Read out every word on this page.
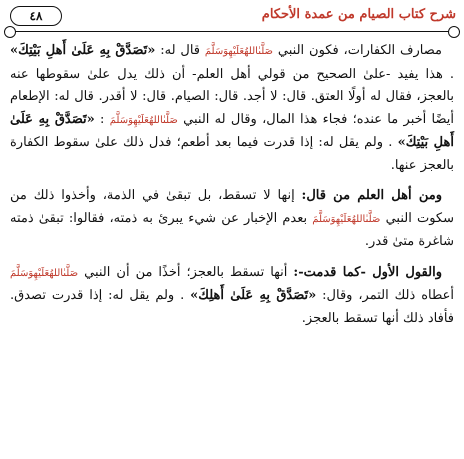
٤٨	شرح كتاب الصيام من عمدة الأحكام

مصارف الكفارات، فكون النبي صَلَّىٰاللهُعَلَيْهِوَسَلَّمَ قال له: «تَصَدَّقْ بِهِ عَلَىٰ أَهلِ بَيْتِكَ» . هذا يفيد -علىٰ الصحيح من قولي أهل العلم- أن ذلك يدل علىٰ سقوطها عنه بالعجز، فقال له أولًا العتق. قال: لا أجد. قال: الصيام. قال: لا أقدر. قال له: الإطعام أيضًا أخبر ما عنده؛ فجاء هذا المال، وقال له النبي صَلَّىٰاللهُعَلَيْهِوَسَلَّمَ : «تَصَدَّقْ بِهِ عَلَىٰ أَهلِ بَيْتِكَ» . ولم يقل له: إذا قدرت فيما بعد أطعم؛ فدل ذلك علىٰ سقوط الكفارة بالعجز عنها.

ومن أهل العلم من قال: إنها لا تسقط، بل تبقىٰ في الذمة، وأخذوا ذلك من سكوت النبي صَلَّىٰاللهُعَلَيْهِوَسَلَّمَ بعدم الإخبار عن شيء يبرئ به ذمته، فقالوا: تبقىٰ ذمته شاغرة متىٰ قدر.

والقول الأول -كما قدمت-: أنها تسقط بالعجز؛ أخذًا من أن النبي صَلَّىٰاللهُعَلَيْهِوَسَلَّمَ أعطاه ذلك التمر، وقال: «تَصَدَّقْ بِهِ عَلَىٰ أَهلِكَ» . ولم يقل له: إذا قدرت تصدق. فأفاد ذلك أنها تسقط بالعجز.
